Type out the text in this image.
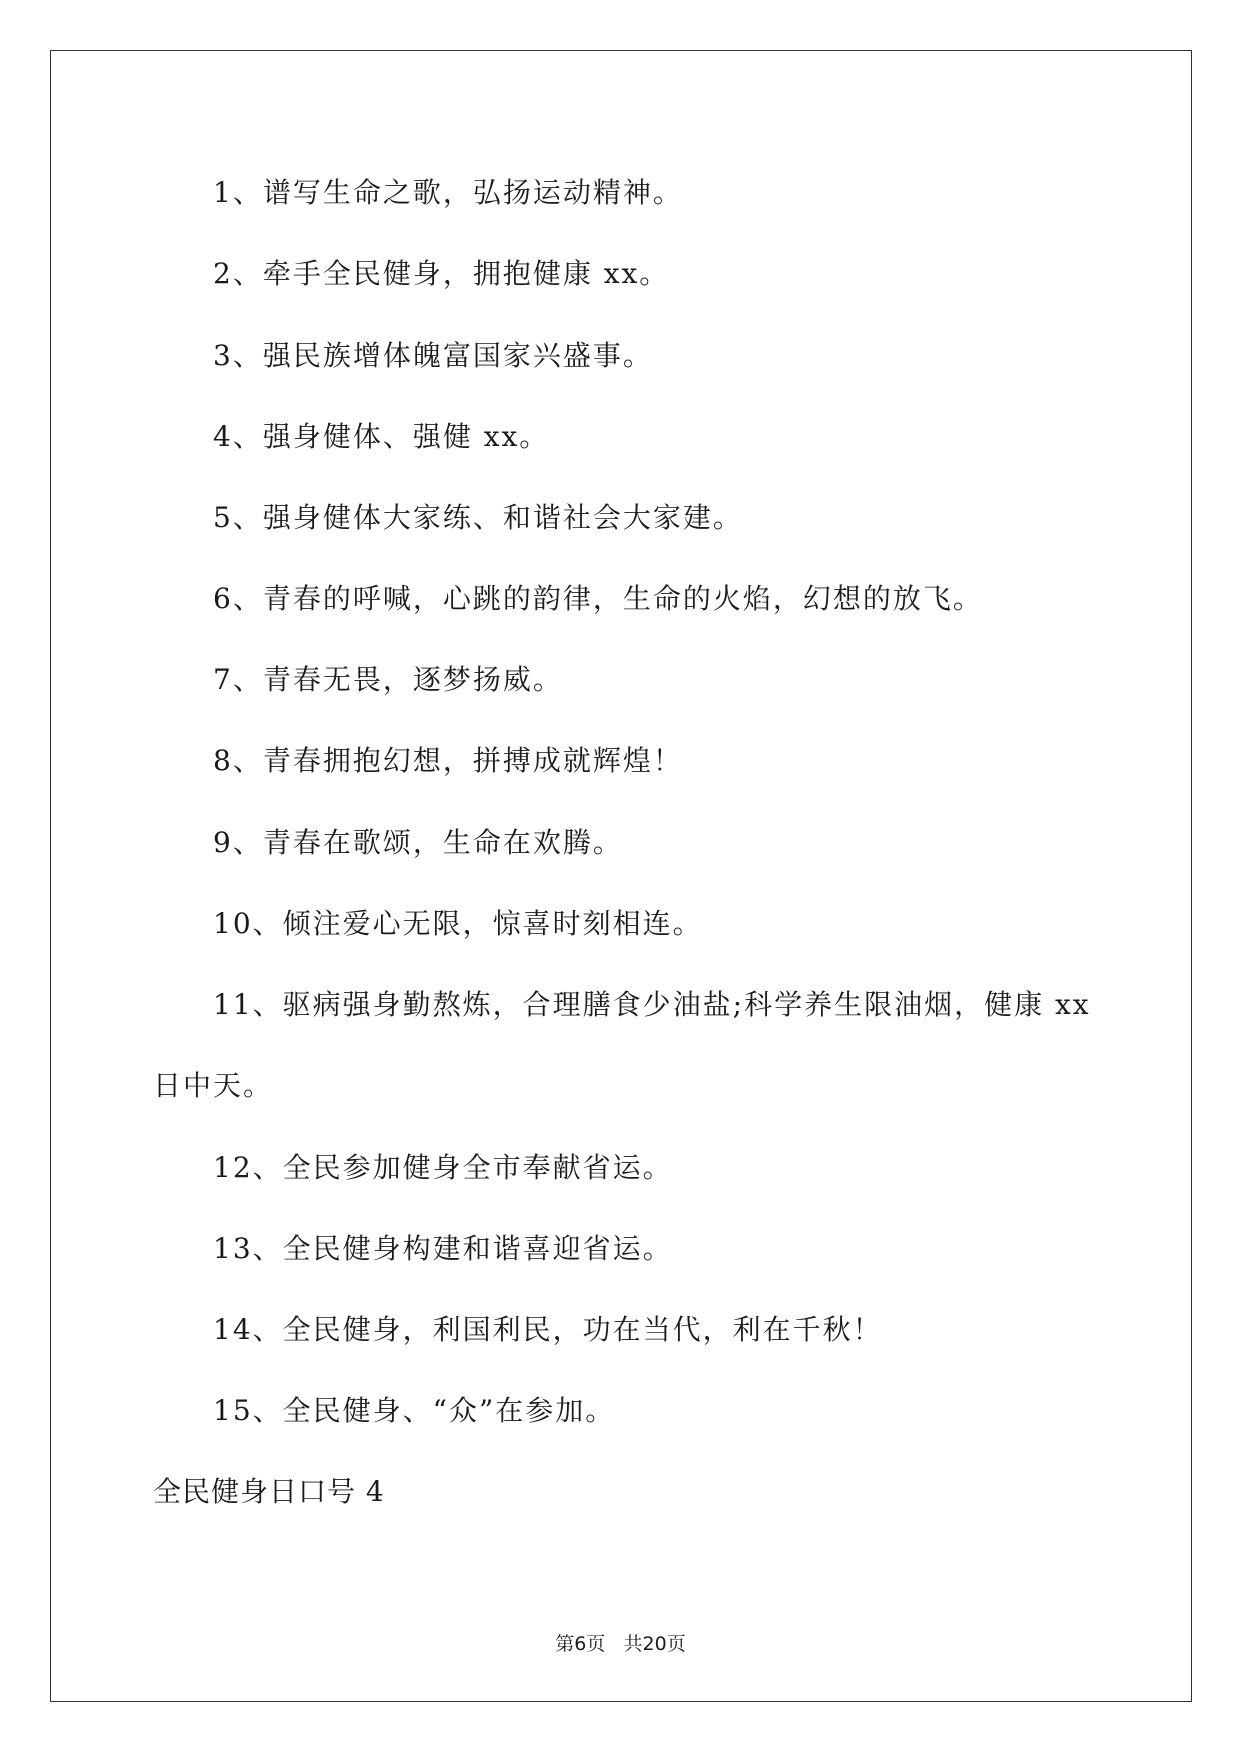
1、谱写生命之歌，弘扬运动精神。
2、牵手全民健身，拥抱健康 xx。
3、强民族增体魄富国家兴盛事。
4、强身健体、强健 xx。
5、强身健体大家练、和谐社会大家建。
6、青春的呼喊，心跳的韵律，生命的火焰，幻想的放飞。
7、青春无畏，逐梦扬威。
8、青春拥抱幻想，拼搏成就辉煌！
9、青春在歌颂，生命在欢腾。
10、倾注爱心无限，惊喜时刻相连。
11、驱病强身勤熬炼，合理膳食少油盐;科学养生限油烟，健康 xx
日中天。
12、全民参加健身全市奉献省运。
13、全民健身构建和谐喜迎省运。
14、全民健身，利国利民，功在当代，利在千秋！
15、全民健身、“众”在参加。
全民健身日口号 4
第6页 共20页
